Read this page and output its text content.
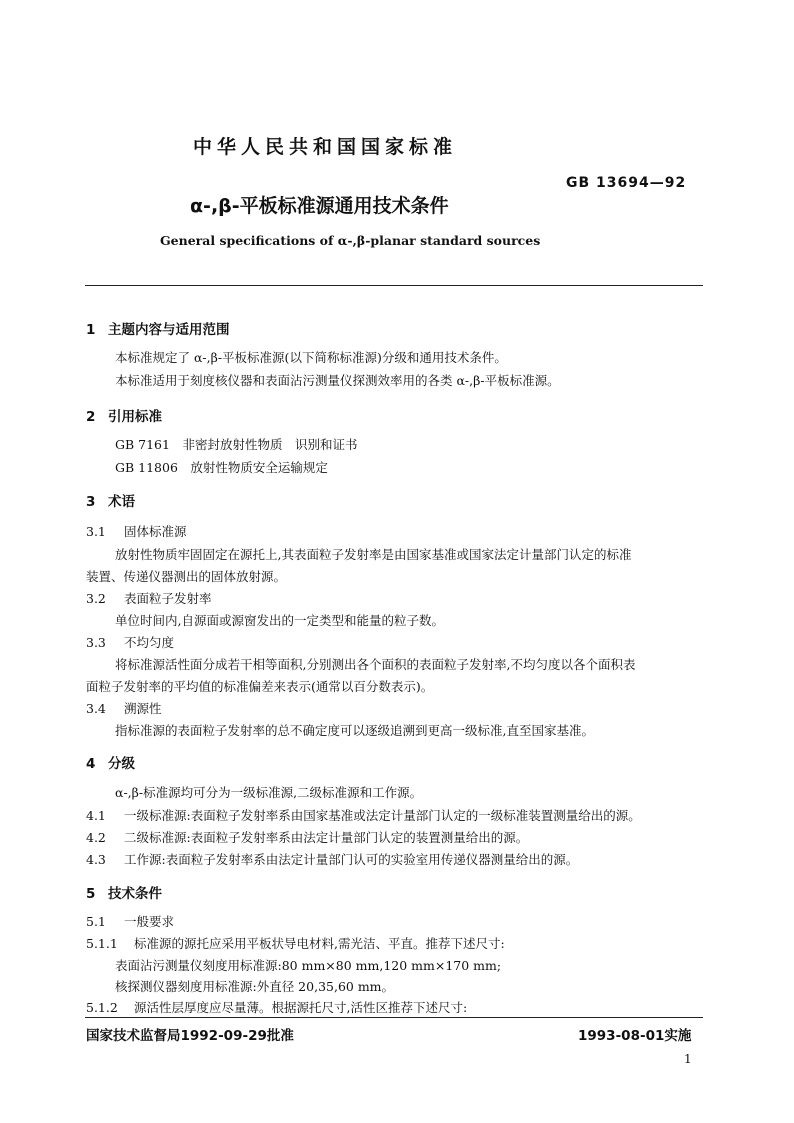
中华人民共和国国家标准
GB 13694—92
α-,β-平板标准源通用技术条件
General specifications of α-,β-planar standard sources
1 主题内容与适用范围
本标准规定了 α-,β-平板标准源(以下简称标准源)分级和通用技术条件。
本标准适用于刻度核仪器和表面沾污测量仪探测效率用的各类 α-,β-平板标准源。
2 引用标准
GB 7161　非密封放射性物质　识别和证书
GB 11806　放射性物质安全运输规定
3 术语
3.1 固体标准源
放射性物质牢固固定在源托上,其表面粒子发射率是由国家基准或国家法定计量部门认定的标准
装置、传递仪器测出的固体放射源。
3.2 表面粒子发射率
单位时间内,自源面或源窗发出的一定类型和能量的粒子数。
3.3 不均匀度
将标准源活性面分成若干相等面积,分别测出各个面积的表面粒子发射率,不均匀度以各个面积表
面粒子发射率的平均值的标准偏差来表示(通常以百分数表示)。
3.4 溯源性
指标准源的表面粒子发射率的总不确定度可以逐级追溯到更高一级标准,直至国家基准。
4 分级
α-,β-标准源均可分为一级标准源,二级标准源和工作源。
4.1 一级标准源:表面粒子发射率系由国家基准或法定计量部门认定的一级标准装置测量给出的源。
4.2 二级标准源:表面粒子发射率系由法定计量部门认定的装置测量给出的源。
4.3 工作源:表面粒子发射率系由法定计量部门认可的实验室用传递仪器测量给出的源。
5 技术条件
5.1 一般要求
5.1.1 标准源的源托应采用平板状导电材料,需光洁、平直。推荐下述尺寸:
表面沾污测量仪刻度用标准源:80 mm×80 mm,120 mm×170 mm;
核探测仪器刻度用标准源:外直径 20,35,60 mm。
5.1.2 源活性层厚度应尽量薄。根据源托尺寸,活性区推荐下述尺寸:
国家技术监督局1992-09-29批准	1993-08-01实施
1
